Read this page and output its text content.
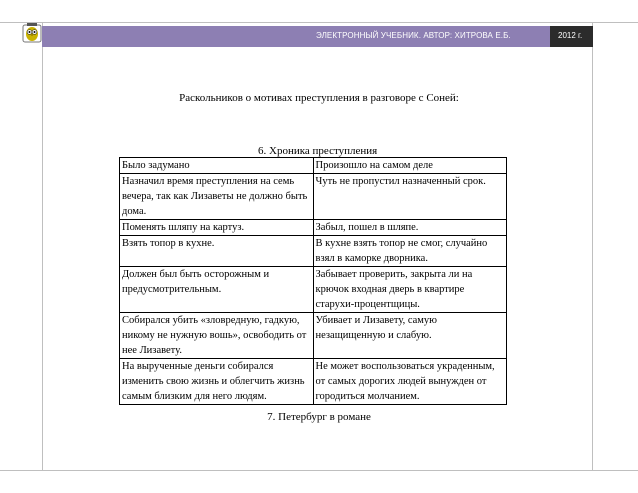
ЭЛЕКТРОННЫЙ УЧЕБНИК. АВТОР: ХИТРОВА Е.Б.	2012 г.
Раскольников о мотивах преступления в разговоре с Соней:
6. Хроника преступления
Было задумано	Произошло на самом деле
Назначил время преступления на семь вечера, так как Лизаветы не должно быть дома.	Чуть не пропустил назначенный срок.
Поменять шляпу на картуз.	Забыл, пошел в шляпе.
Взять топор в кухне.	В кухне взять топор не смог, случайно взял в каморке дворника.
Должен был быть осторожным и предусмотрительным.	Забывает проверить, закрыта ли на крючок входная дверь в квартире старухи-процентщицы.
Собирался убить «зловредную, гадкую, никому не нужную вошь», освободить от нее Лизавету.	Убивает и Лизавету, самую незащищенную и слабую.
На вырученные деньги собирался изменить свою жизнь и облегчить жизнь самым близким для него людям.	Не может воспользоваться украденным, от самых дорогих людей вынужден от городиться молчанием.
7. Петербург в романе
